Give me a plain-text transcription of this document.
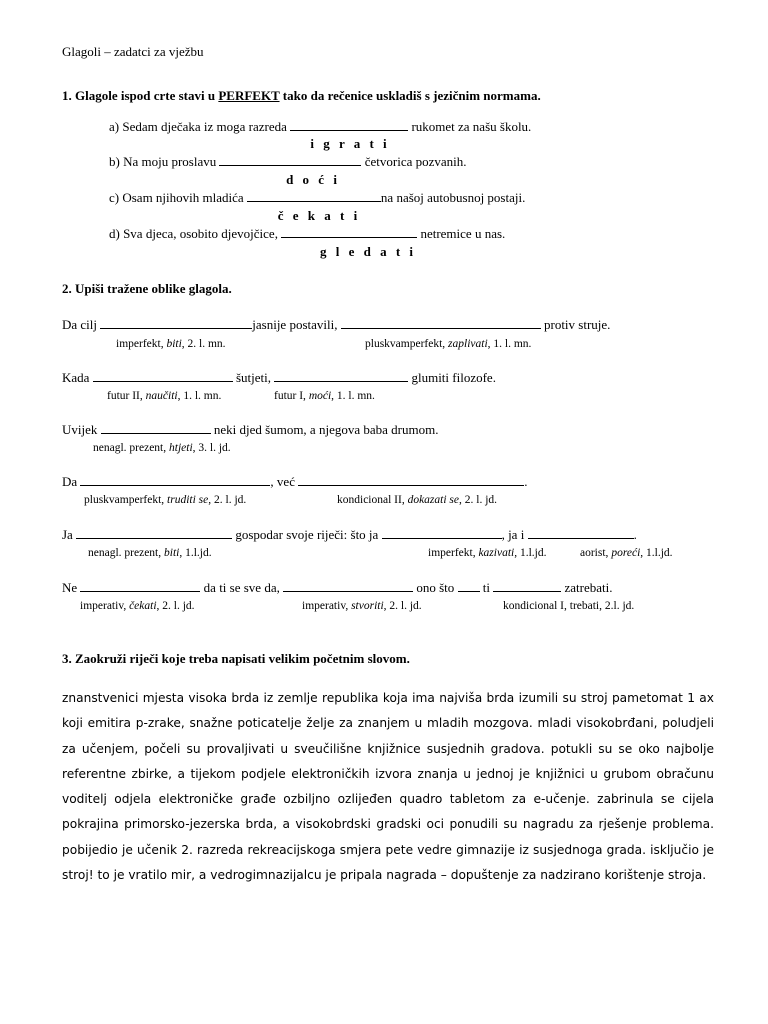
Glagoli – zadatci za vježbu
1. Glagole ispod crte stavi u PERFEKT tako da rečenice uskladiš s jezičnim normama.
a) Sedam dječaka iz moga razreda	rukomet za našu školu.
i g r a t i
b) Na moju proslavu	četvorica pozvanih.
d o ć i
c) Osam njihovih mladića	na našoj autobusnoj postaji.
č e k a t i
d) Sva djeca, osobito djevojčice,	netremice u nas.
g l e d a t i
2. Upiši tražene oblike glagola.
Da cilj	jasnije postavili,	protiv struje.
imperfekt, biti, 2. l. mn.	pluskvamperfekt, zaplivati, 1. l. mn.
Kada	šutjeti,	glumiti filozofe.
futur II, naučiti, 1. l. mn.	futur I, moći, 1. l. mn.
Uvijek	neki djed šumom, a njegova baba drumom.
nenagl. prezent, htjeti, 3. l. jd.
Da	, već	.
pluskvamperfekt, truditi se, 2. l. jd.	kondicional II, dokazati se, 2. l. jd.
Ja	gospodar svoje riječi: što ja	, ja i	.
nenagl. prezent, biti, 1.l.jd.	imperfekt, kazivati, 1.l.jd.	aorist, poreći, 1.l.jd.
Ne	da ti se sve da,	ono što  ti	zatrebati.
imperativ, čekati, 2. l. jd.	imperativ, stvoriti, 2. l. jd.	kondicional I, trebati, 2.l. jd.
3. Zaokruži riječi koje treba napisati velikim početnim slovom.

znanstvenici mjesta visoka brda iz zemlje republika koja ima najviša brda izumili su stroj pametomat 1 ax koji emitira p-zrake, snažne poticatelje želje za znanjem u mladih mozgova. mladi visokobrđani, poludjeli za učenjem, počeli su provaljivati u sveučilišne knjižnice susjednih gradova. potukli su se oko najbolje referentne zbirke, a tijekom podjele elektroničkih izvora znanja u jednoj je knjižnici u grubom obračunu voditelj odjela elektroničke građe ozbiljno ozlijeđen quadro tabletom za e-učenje. zabrinula se cijela pokrajina primorsko-jezerska brda, a visokobrdski gradski oci ponudili su nagradu za rješenje problema. pobijedio je učenik 2. razreda rekreacijskoga smjera pete vedre gimnazije iz susjednoga grada. isključio je stroj! to je vratilo mir, a vedrogimnazijalcu je pripala nagrada – dopuštenje za nadzirano korištenje stroja.
